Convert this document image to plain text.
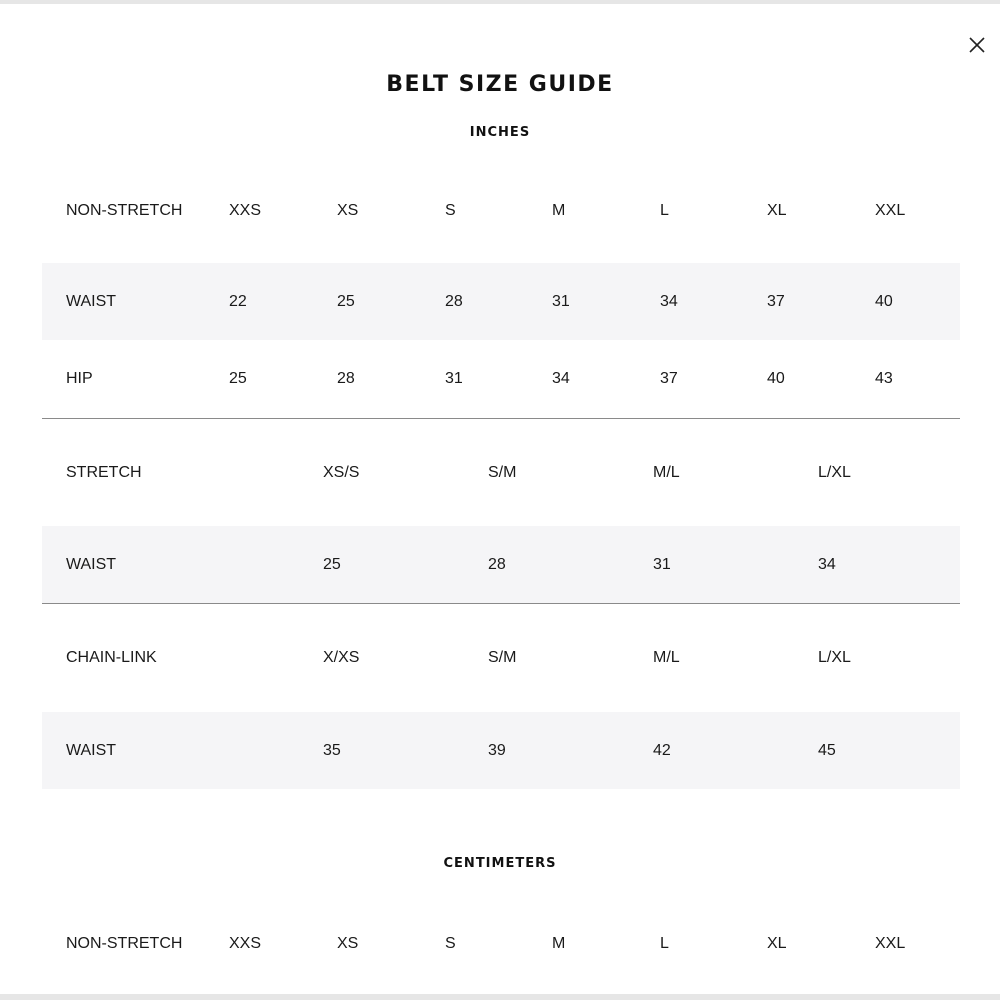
BELT SIZE GUIDE
INCHES
NON-STRETCH	XXS	XS	S	M	L	XL	XXL
WAIST	22	25	28	31	34	37	40
HIP	25	28	31	34	37	40	43
STRETCH	XS/S	S/M	M/L	L/XL
WAIST	25	28	31	34
CHAIN-LINK	X/XS	S/M	M/L	L/XL
WAIST	35	39	42	45
CENTIMETERS
NON-STRETCH	XXS	XS	S	M	L	XL	XXL
